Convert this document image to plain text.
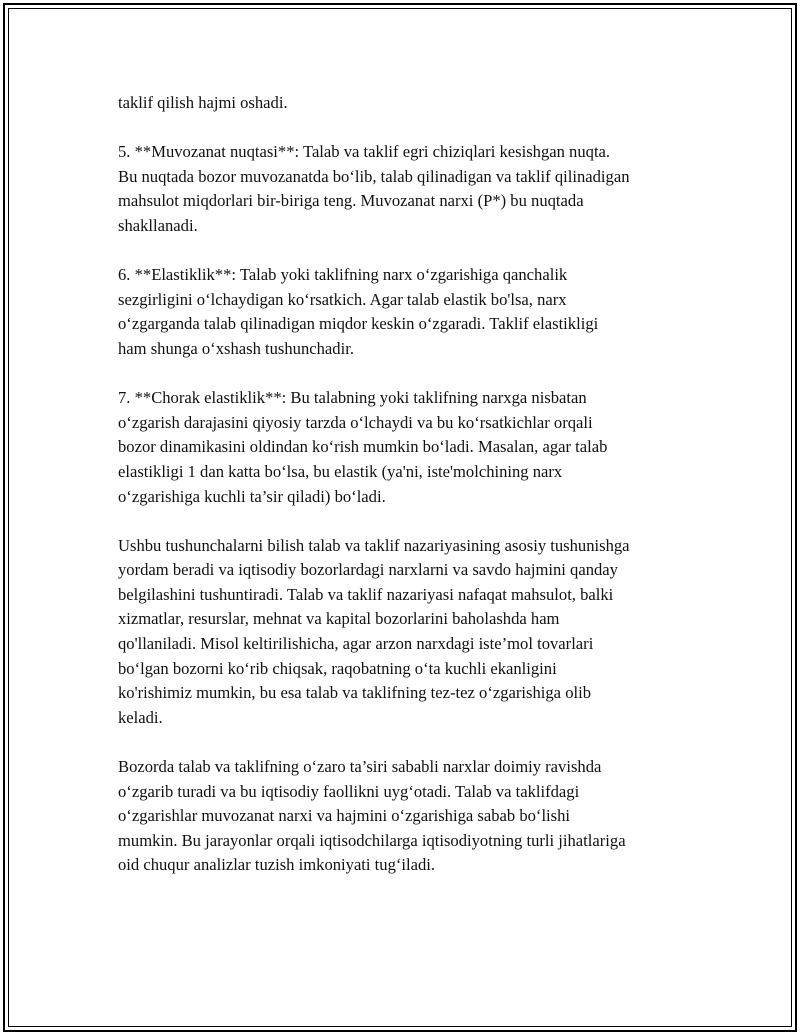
taklif qilish hajmi oshadi.

5. **Muvozanat nuqtasi**: Talab va taklif egri chiziqlari kesishgan nuqta.
Bu nuqtada bozor muvozanatda bo‘lib, talab qilinadigan va taklif qilinadigan
mahsulot miqdorlari bir-biriga teng. Muvozanat narxi (P*) bu nuqtada
shakllanadi.

6. **Elastiklik**: Talab yoki taklifning narx o‘zgarishiga qanchalik
sezgirligini o‘lchaydigan ko‘rsatkich. Agar talab elastik bo'lsa, narx
o‘zgarganda talab qilinadigan miqdor keskin o‘zgaradi. Taklif elastikligi
ham shunga o‘xshash tushunchadir.

7. **Chorak elastiklik**: Bu talabning yoki taklifning narxga nisbatan
o‘zgarish darajasini qiyosiy tarzda o‘lchaydi va bu ko‘rsatkichlar orqali
bozor dinamikasini oldindan ko‘rish mumkin bo‘ladi. Masalan, agar talab
elastikligi 1 dan katta bo‘lsa, bu elastik (ya'ni, iste'molchining narx
o‘zgarishiga kuchli ta’sir qiladi) bo‘ladi.

Ushbu tushunchalarni bilish talab va taklif nazariyasining asosiy tushunishga
yordam beradi va iqtisodiy bozorlardagi narxlarni va savdo hajmini qanday
belgilashini tushuntiradi. Talab va taklif nazariyasi nafaqat mahsulot, balki
xizmatlar, resurslar, mehnat va kapital bozorlarini baholashda ham
qo'llaniladi. Misol keltirilishicha, agar arzon narxdagi iste’mol tovarlari
bo‘lgan bozorni ko‘rib chiqsak, raqobatning o‘ta kuchli ekanligini
ko'rishimiz mumkin, bu esa talab va taklifning tez-tez o‘zgarishiga olib
keladi.

Bozorda talab va taklifning o‘zaro ta’siri sababli narxlar doimiy ravishda
o‘zgarib turadi va bu iqtisodiy faollikni uyg‘otadi. Talab va taklifdagi
o‘zgarishlar muvozanat narxi va hajmini o‘zgarishiga sabab bo‘lishi
mumkin. Bu jarayonlar orqali iqtisodchilarga iqtisodiyotning turli jihatlariga
oid chuqur analizlar tuzish imkoniyati tug‘iladi.
